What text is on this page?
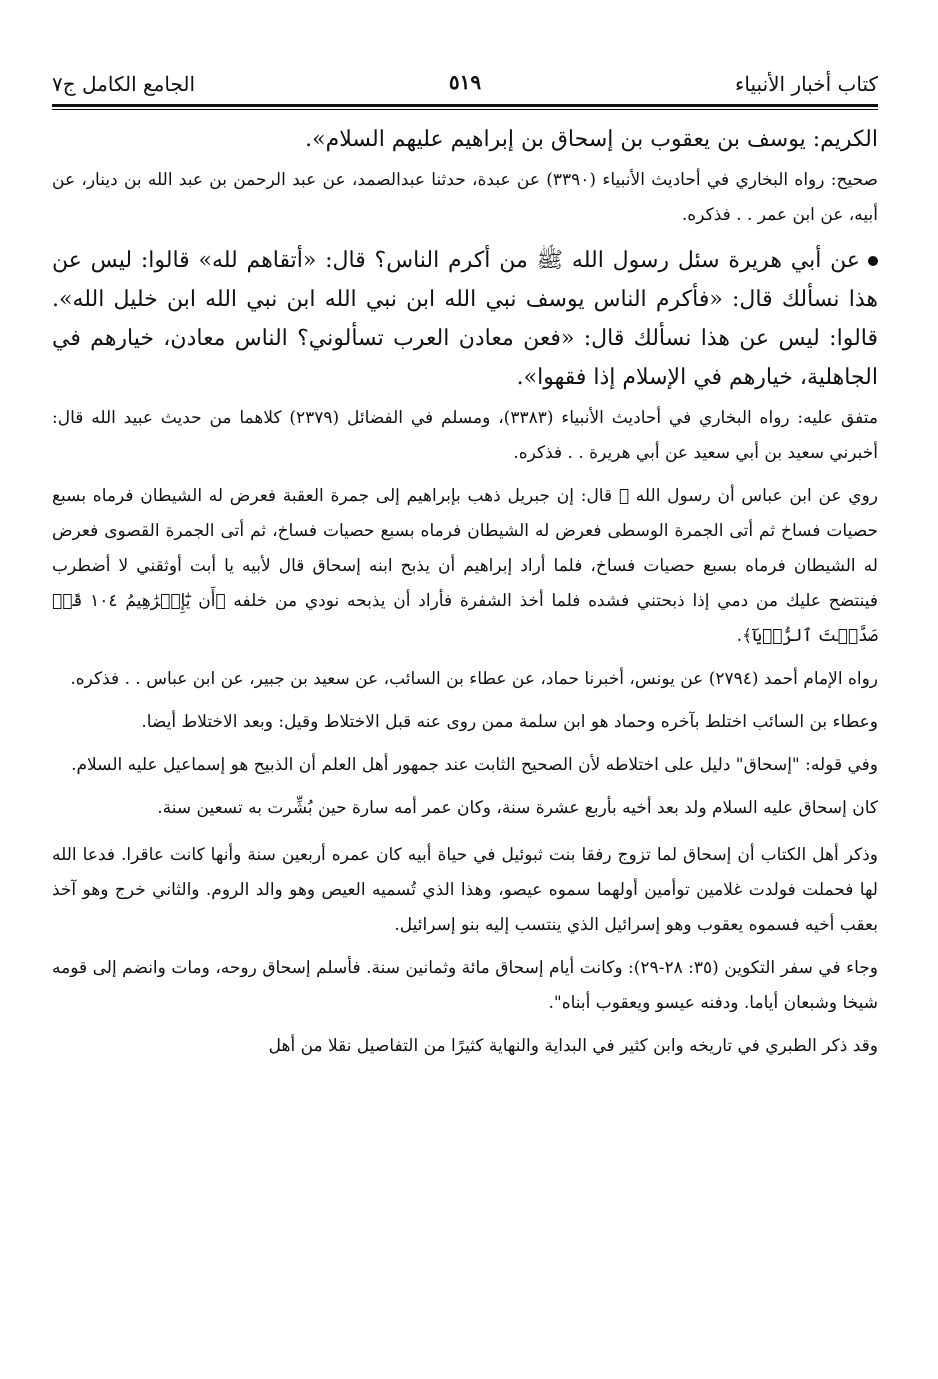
كتاب أخبار الأنبياء
٥١٩
الجامع الكامل ج٧

الكريم: يوسف بن يعقوب بن إسحاق بن إبراهيم عليهم السلام».

صحيح: رواه البخاري في أحاديث الأنبياء (٣٣٩٠) عن عبدة، حدثنا عبدالصمد، عن عبد الرحمن بن عبد الله بن دينار، عن أبيه، عن ابن عمر . . فذكره.

عن أبي هريرة سئل رسول الله ﷺ من أكرم الناس؟ قال: «أتقاهم لله» قالوا: ليس عن هذا نسألك قال: «فأكرم الناس يوسف نبي الله ابن نبي الله ابن نبي الله ابن خليل الله». قالوا: ليس عن هذا نسألك قال: «فعن معادن العرب تسألوني؟ الناس معادن، خيارهم في الجاهلية، خيارهم في الإسلام إذا فقهوا».

متفق عليه: رواه البخاري في أحاديث الأنبياء (٣٣٨٣)، ومسلم في الفضائل (٢٣٧٩) كلاهما من حديث عبيد الله قال: أخبرني سعيد بن أبي سعيد عن أبي هريرة . . فذكره.

روي عن ابن عباس أن رسول الله ﷺ قال: إن جبريل ذهب بإبراهيم إلى جمرة العقبة فعرض له الشيطان فرماه بسبع حصيات فساخ ثم أتى الجمرة الوسطى فعرض له الشيطان فرماه بسبع حصيات فساخ، ثم أتى الجمرة القصوى فعرض له الشيطان فرماه بسبع حصيات فساخ، فلما أراد إبراهيم أن يذبح ابنه إسحاق قال لأبيه يا أبت أوثقني لا أضطرب فينتضح عليك من دمي إذا ذبحتني فشده فلما أخذ الشفرة فأراد أن يذبحه نودي من خلفه ﴿أَن يَٰٓإِبۡرَٰهِيمُ ١٠٤ قَدۡ صَدَّقۡتَ ٱلرُّءۡيَآ﴾.

رواه الإمام أحمد (٢٧٩٤) عن يونس، أخبرنا حماد، عن عطاء بن السائب، عن سعيد بن جبير، عن ابن عباس . . فذكره.

وعطاء بن السائب اختلط بآخره وحماد هو ابن سلمة ممن روى عنه قبل الاختلاط وقيل: وبعد الاختلاط أيضا.

وفي قوله: "إسحاق" دليل على اختلاطه لأن الصحيح الثابت عند جمهور أهل العلم أن الذبيح هو إسماعيل عليه السلام.

كان إسحاق عليه السلام ولد بعد أخيه بأربع عشرة سنة، وكان عمر أمه سارة حين بُشِّرت به تسعين سنة.

وذكر أهل الكتاب أن إسحاق لما تزوج رفقا بنت ثبوئيل في حياة أبيه كان عمره أربعين سنة وأنها كانت عاقرا. فدعا الله لها فحملت فولدت غلامين توأمين أولهما سموه عيصو، وهذا الذي تُسميه العيص وهو والد الروم. والثاني خرج وهو آخذ بعقب أخيه فسموه يعقوب وهو إسرائيل الذي ينتسب إليه بنو إسرائيل.

وجاء في سفر التكوين (٣٥: ٢٨-٢٩): وكانت أيام إسحاق مائة وثمانين سنة. فأسلم إسحاق روحه، ومات وانضم إلى قومه شيخا وشبعان أياما. ودفنه عيسو ويعقوب أبناه".

وقد ذكر الطبري في تاريخه وابن كثير في البداية والنهاية كثيرًا من التفاصيل نقلا من أهل
